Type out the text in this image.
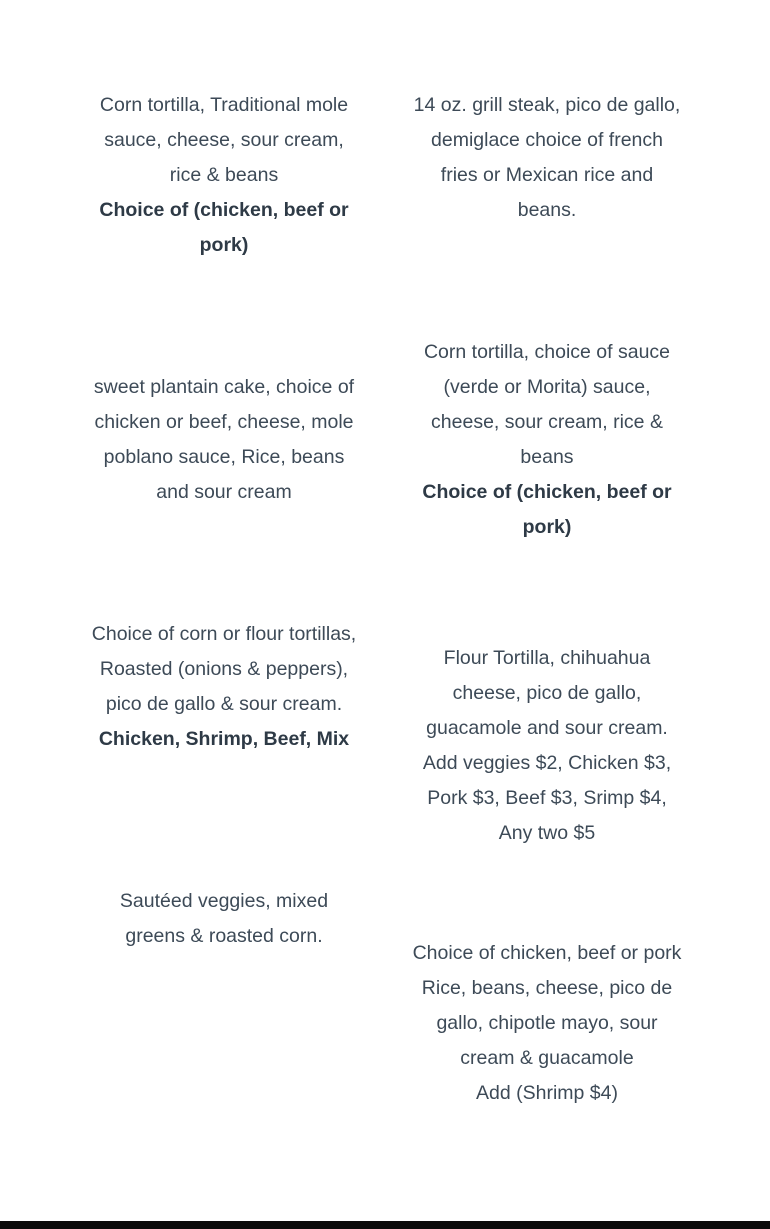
Corn tortilla, Traditional mole sauce, cheese, sour cream, rice & beans
Choice of (chicken, beef or pork)
14 oz. grill steak, pico de gallo, demiglace choice of french fries or Mexican rice and beans.
sweet plantain cake, choice of chicken or beef, cheese, mole poblano sauce, Rice, beans and sour cream
Corn tortilla, choice of sauce (verde or Morita) sauce, cheese, sour cream, rice & beans
Choice of (chicken, beef or pork)
Choice of corn or flour tortillas, Roasted (onions & peppers), pico de gallo & sour cream.
Chicken, Shrimp, Beef, Mix
Flour Tortilla, chihuahua cheese, pico de gallo, guacamole and sour cream. Add veggies $2, Chicken $3, Pork $3, Beef $3, Srimp $4, Any two $5
Sautéed veggies, mixed greens & roasted corn.
Choice of chicken, beef or pork
Rice, beans, cheese, pico de gallo, chipotle mayo, sour cream & guacamole
Add (Shrimp $4)
